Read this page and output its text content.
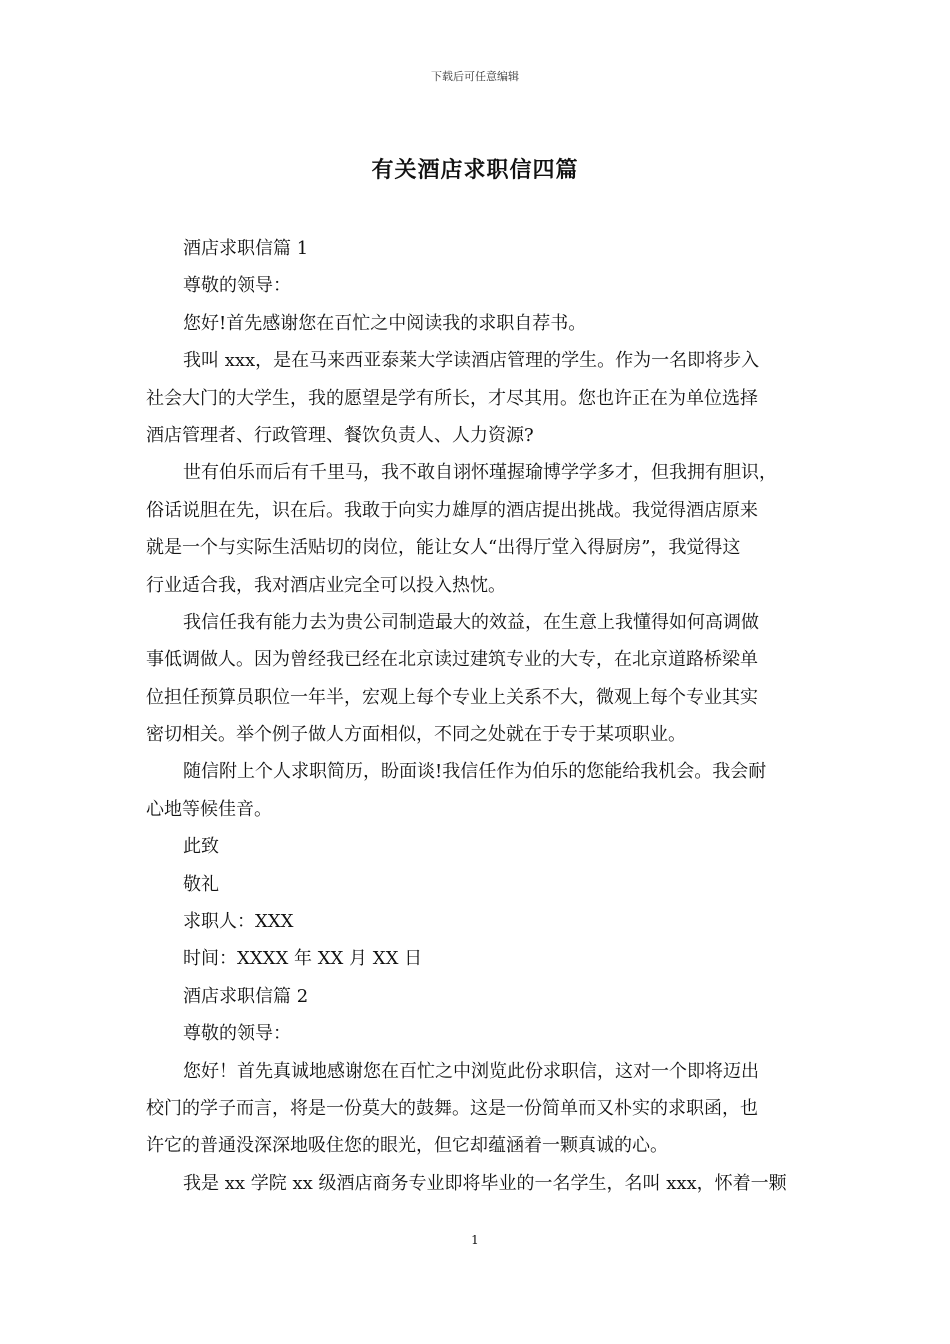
下载后可任意编辑
有关酒店求职信四篇

酒店求职信篇 1

尊敬的领导：

您好!首先感谢您在百忙之中阅读我的求职自荐书。

我叫 xxx，是在马来西亚泰莱大学读酒店管理的学生。作为一名即将步入

社会大门的大学生，我的愿望是学有所长，才尽其用。您也许正在为单位选择

酒店管理者、行政管理、餐饮负责人、人力资源?

世有伯乐而后有千里马，我不敢自诩怀瑾握瑜博学学多才，但我拥有胆识，

俗话说胆在先，识在后。我敢于向实力雄厚的酒店提出挑战。我觉得酒店原来

就是一个与实际生活贴切的岗位，能让女人“出得厅堂入得厨房”，我觉得这

行业适合我，我对酒店业完全可以投入热忱。

我信任我有能力去为贵公司制造最大的效益，在生意上我懂得如何高调做

事低调做人。因为曾经我已经在北京读过建筑专业的大专，在北京道路桥梁单

位担任预算员职位一年半，宏观上每个专业上关系不大，微观上每个专业其实

密切相关。举个例子做人方面相似，不同之处就在于专于某项职业。

随信附上个人求职简历，盼面谈!我信任作为伯乐的您能给我机会。我会耐

心地等候佳音。

此致

敬礼

求职人：XXX

时间：XXXX 年 XX 月 XX 日

酒店求职信篇 2

尊敬的领导：

您好！首先真诚地感谢您在百忙之中浏览此份求职信，这对一个即将迈出

校门的学子而言，将是一份莫大的鼓舞。这是一份简单而又朴实的求职函，也

许它的普通没深深地吸住您的眼光，但它却蕴涵着一颗真诚的心。

我是 xx 学院 xx 级酒店商务专业即将毕业的一名学生，名叫 xxx，怀着一颗

1
